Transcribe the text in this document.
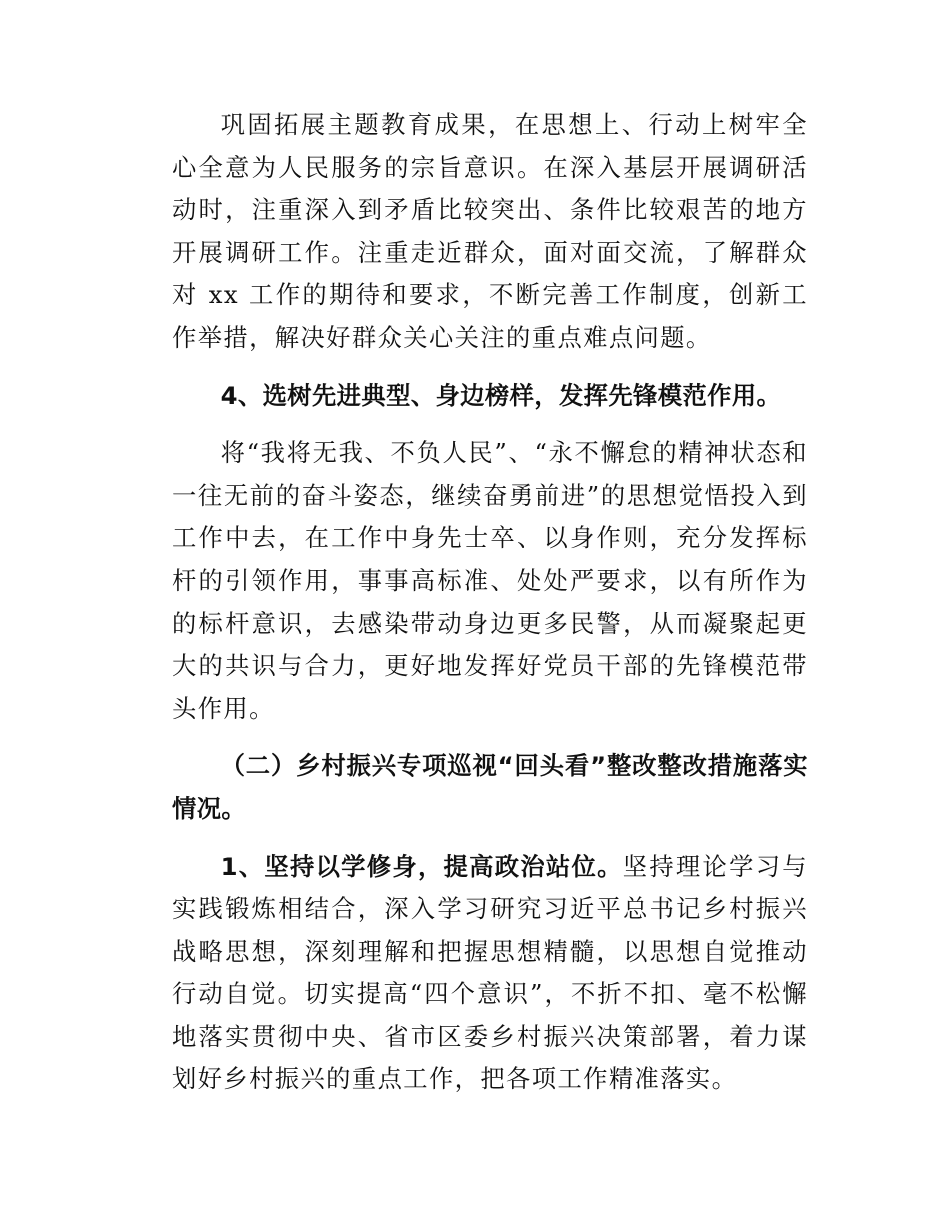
巩固拓展主题教育成果，在思想上、行动上树牢全心全意为人民服务的宗旨意识。在深入基层开展调研活动时，注重深入到矛盾比较突出、条件比较艰苦的地方开展调研工作。注重走近群众，面对面交流，了解群众对 xx 工作的期待和要求，不断完善工作制度，创新工作举措，解决好群众关心关注的重点难点问题。

4、选树先进典型、身边榜样，发挥先锋模范作用。

将“我将无我、不负人民”、“永不懈怠的精神状态和一往无前的奋斗姿态，继续奋勇前进”的思想觉悟投入到工作中去，在工作中身先士卒、以身作则，充分发挥标杆的引领作用，事事高标准、处处严要求，以有所作为的标杆意识，去感染带动身边更多民警，从而凝聚起更大的共识与合力，更好地发挥好党员干部的先锋模范带头作用。

（二）乡村振兴专项巡视“回头看”整改整改措施落实情况。

1、坚持以学修身，提高政治站位。坚持理论学习与实践锻炼相结合，深入学习研究习近平总书记乡村振兴战略思想，深刻理解和把握思想精髓，以思想自觉推动行动自觉。切实提高“四个意识”，不折不扣、毫不松懈地落实贯彻中央、省市区委乡村振兴决策部署，着力谋划好乡村振兴的重点工作，把各项工作精准落实。
